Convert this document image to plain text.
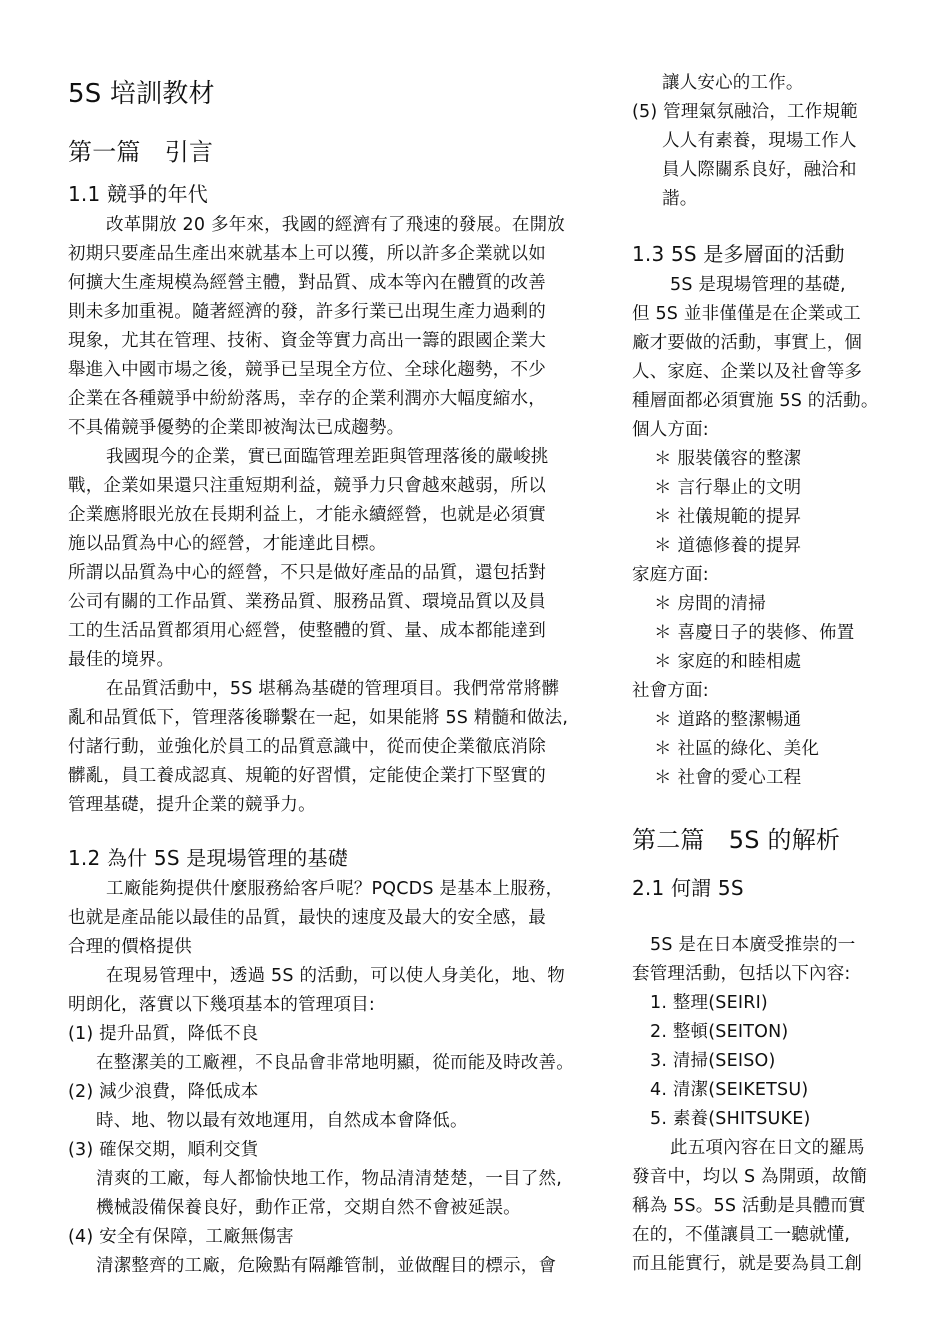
5S 培訓教材
第一篇　引言
1.1 競爭的年代
改革開放 20 多年來，我國的經濟有了飛速的發展。在開放
初期只要產品生產出來就基本上可以獲，所以許多企業就以如
何擴大生產規模為經營主體，對品質、成本等內在體質的改善
則未多加重視。隨著經濟的發，許多行業已出現生產力過剩的
現象，尤其在管理、技術、資金等實力高出一籌的跟國企業大
舉進入中國市場之後，競爭已呈現全方位、全球化趨勢，不少
企業在各種競爭中紛紛落馬，幸存的企業利潤亦大幅度縮水，
不具備競爭優勢的企業即被淘汰已成趨勢。
我國現今的企業，實已面臨管理差距與管理落後的嚴峻挑
戰，企業如果還只注重短期利益，競爭力只會越來越弱，所以
企業應將眼光放在長期利益上，才能永續經營，也就是必須實
施以品質為中心的經營，才能達此目標。
所謂以品質為中心的經營，不只是做好產品的品質，還包括對
公司有關的工作品質、業務品質、服務品質、環境品質以及員
工的生活品質都須用心經營，使整體的質、量、成本都能達到
最佳的境界。
在品質活動中，5S 堪稱為基礎的管理項目。我們常常將髒
亂和品質低下，管理落後聯繫在一起，如果能將 5S 精髓和做法,
付諸行動，並強化於員工的品質意識中，從而使企業徹底消除
髒亂，員工養成認真、規範的好習慣，定能使企業打下堅實的
管理基礎，提升企業的競爭力。
1.2 為什 5S 是現場管理的基礎
工廠能夠提供什麼服務給客戶呢？PQCDS 是基本上服務，
也就是產品能以最佳的品質，最快的速度及最大的安全感，最
合理的價格提供
在現易管理中，透過 5S 的活動，可以使人身美化，地、物
明朗化，落實以下幾項基本的管理項目:
(1) 提升品質，降低不良
在整潔美的工廠裡，不良品會非常地明顯，從而能及時改善。
(2) 減少浪費，降低成本
時、地、物以最有效地運用，自然成本會降低。
(3) 確保交期，順利交貨
清爽的工廠，每人都愉快地工作，物品清清楚楚，一目了然,
機械設備保養良好，動作正常，交期自然不會被延誤。
(4) 安全有保障，工廠無傷害
清潔整齊的工廠，危險點有隔離管制，並做醒目的標示，會
讓人安心的工作。
(5) 管理氣氛融洽，工作規範
人人有素養，現場工作人
員人際關系良好，融洽和
諧。
1.3 5S 是多層面的活動
5S 是現場管理的基礎,
但 5S 並非僅僅是在企業或工
廠才要做的活動，事實上，個
人、家庭、企業以及社會等多
種層面都必須實施 5S 的活動。
個人方面:
＊ 服裝儀容的整潔
＊ 言行舉止的文明
＊ 社儀規範的提昇
＊ 道德修養的提昇
家庭方面:
＊ 房間的清掃
＊ 喜慶日子的裝修、佈置
＊ 家庭的和睦相處
社會方面:
＊ 道路的整潔暢通
＊ 社區的綠化、美化
＊ 社會的愛心工程
第二篇　5S 的解析
2.1 何謂 5S
5S 是在日本廣受推崇的一
套管理活動，包括以下內容:
1. 整理(SEIRI)
2. 整頓(SEITON)
3. 清掃(SEISO)
4. 清潔(SEIKETSU)
5. 素養(SHITSUKE)
此五項內容在日文的羅馬
發音中，均以 S 為開頭，故簡
稱為 5S。5S 活動是具體而實
在的，不僅讓員工一聽就懂,
而且能實行，就是要為員工創
